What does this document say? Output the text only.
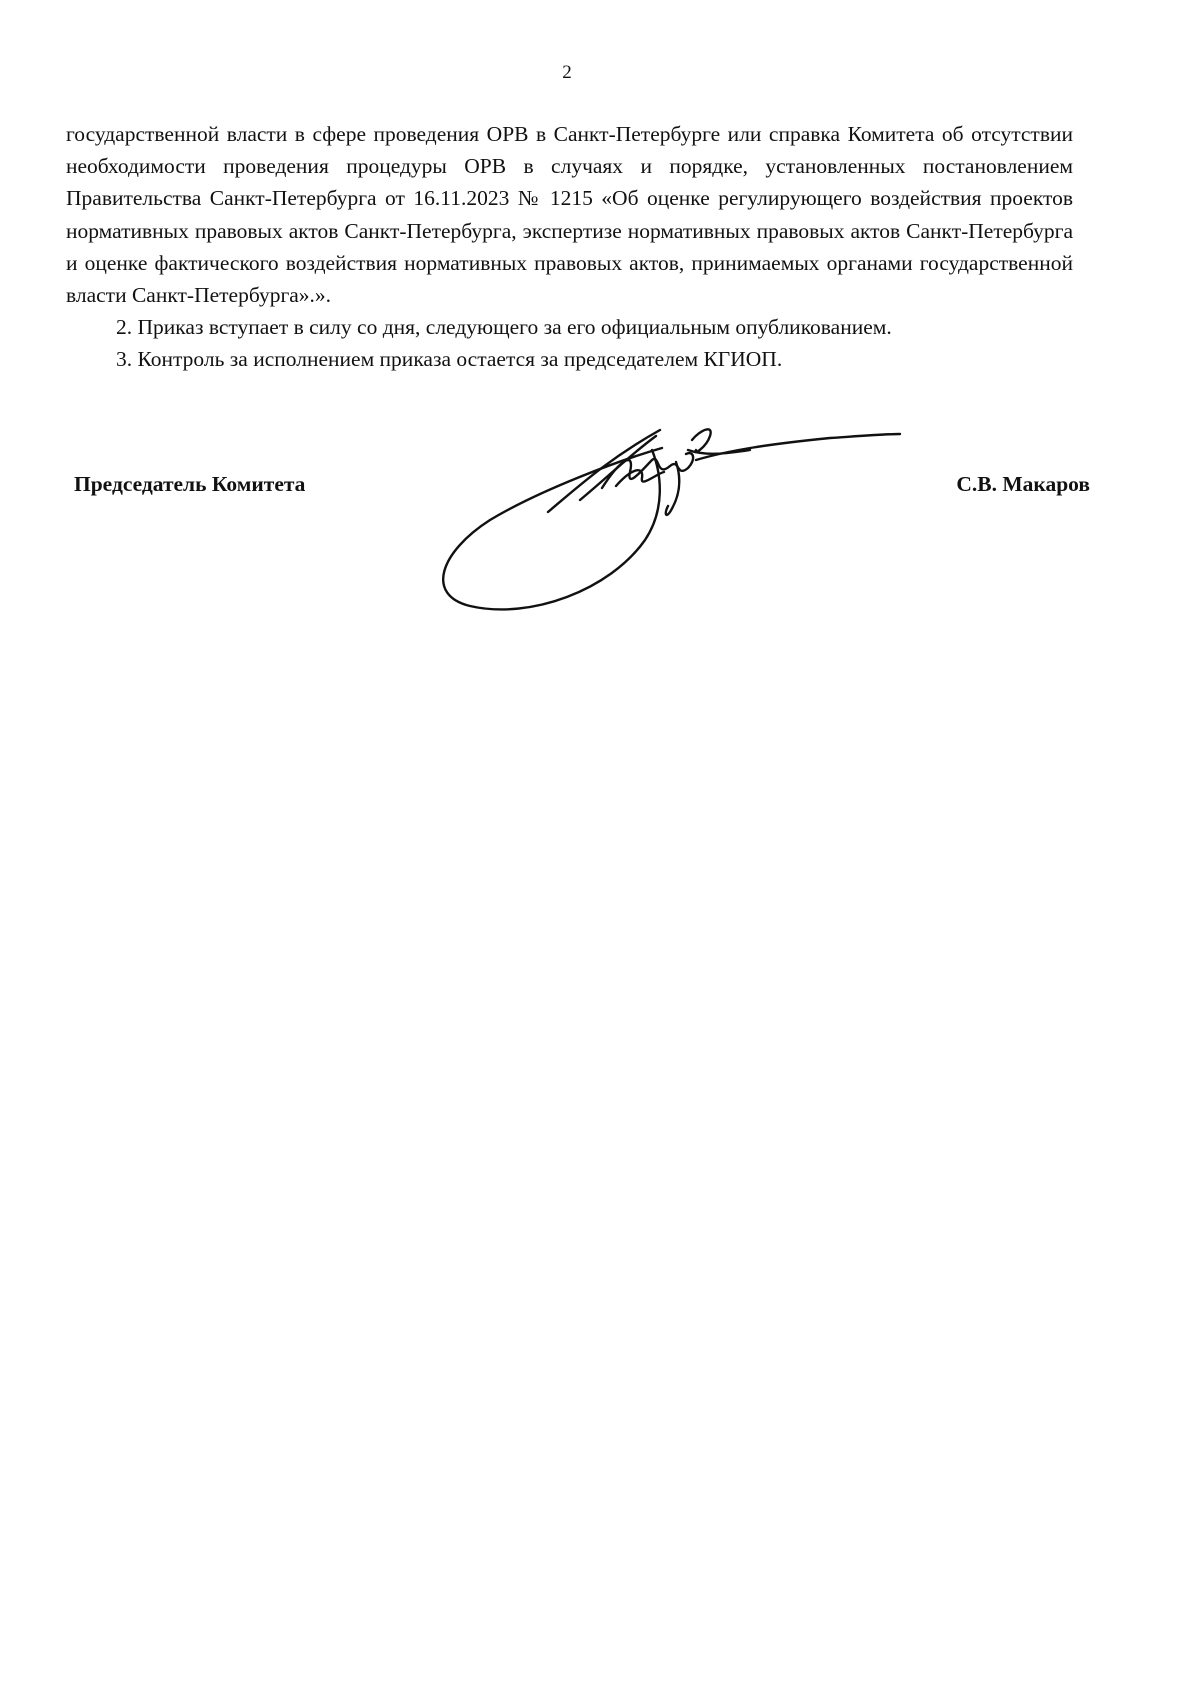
2

государственной власти в сфере проведения ОРВ в Санкт-Петербурге или справка Комитета об отсутствии необходимости проведения процедуры ОРВ в случаях и порядке, установленных постановлением Правительства Санкт-Петербурга от 16.11.2023 № 1215 «Об оценке регулирующего воздействия проектов нормативных правовых актов Санкт-Петербурга, экспертизе нормативных правовых актов Санкт-Петербурга и оценке фактического воздействия нормативных правовых актов, принимаемых органами государственной власти Санкт-Петербурга».».

2. Приказ вступает в силу со дня, следующего за его официальным опубликованием.

3. Контроль за исполнением приказа остается за председателем КГИОП.

Председатель Комитета	С.В. Макаров
